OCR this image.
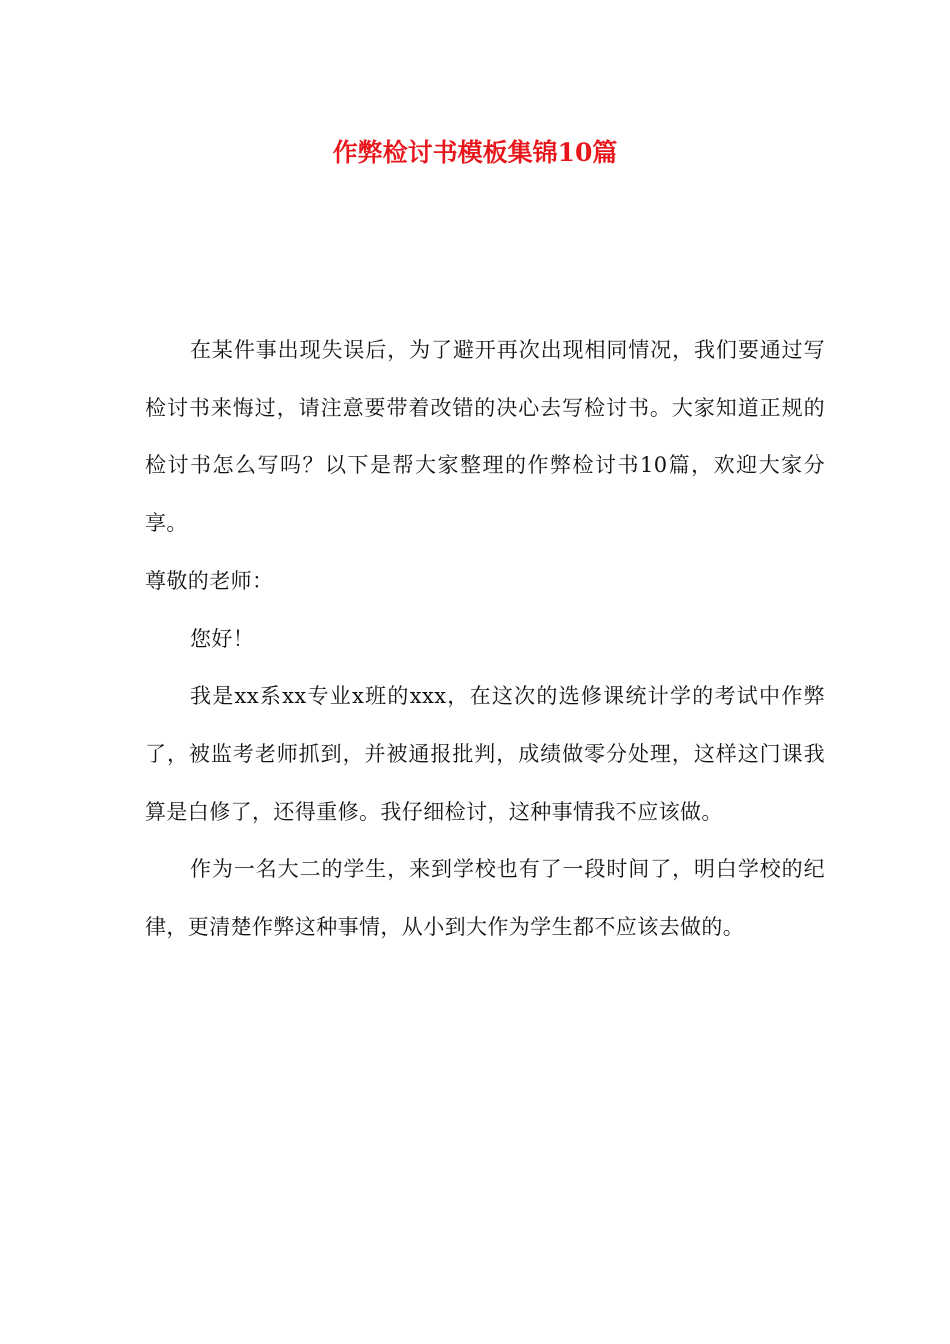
作弊检讨书模板集锦10篇

在某件事出现失误后，为了避开再次出现相同情况，我们要通过写检讨书来悔过，请注意要带着改错的决心去写检讨书。大家知道正规的检讨书怎么写吗？以下是帮大家整理的作弊检讨书10篇，欢迎大家分享。

尊敬的老师：

您好！

我是xx系xx专业x班的xxx，在这次的选修课统计学的考试中作弊了，被监考老师抓到，并被通报批判，成绩做零分处理，这样这门课我算是白修了，还得重修。我仔细检讨，这种事情我不应该做。

作为一名大二的学生，来到学校也有了一段时间了，明白学校的纪律，更清楚作弊这种事情，从小到大作为学生都不应该去做的。
